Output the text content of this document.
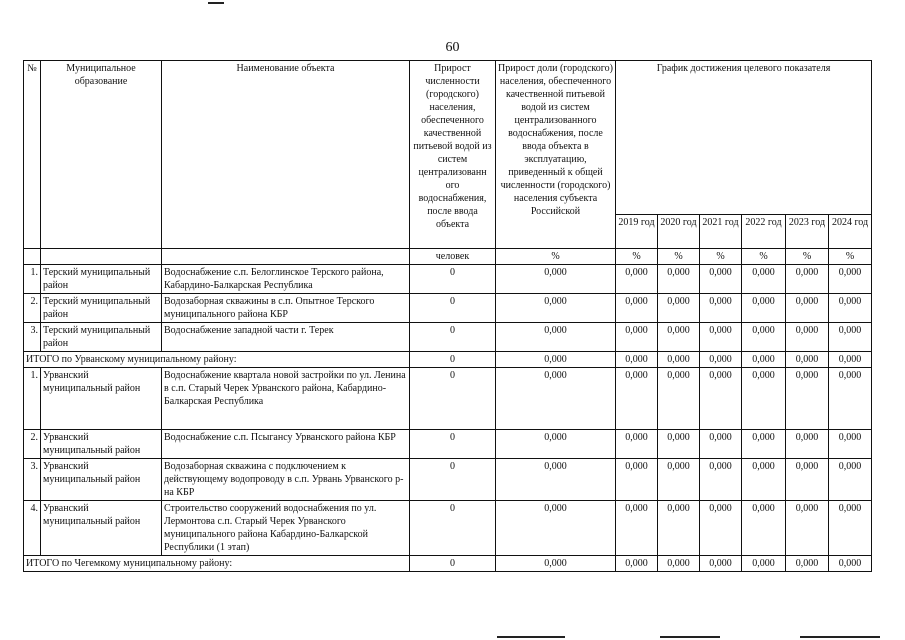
60
№	Муниципальное образование	Наименование объекта	Прирост численности (городского) населения, обеспеченного качественной питьевой водой из систем централизованн ого водоснабжения, после ввода объекта	Прирост доли (городского) населения, обеспеченного качественной питьевой водой из систем централизованного водоснабжения, после ввода объекта в эксплуатацию, приведенный к общей численности (городского) населения субъекта Российской	График достижения целевого показателя					
					2019 год	2020 год	2021 год	2022 год	2023 год	2024 год
			человек	%	%	%	%	%	%	%
1.	Терский муниципальный район	Водоснабжение с.п. Белоглинское Терского района, Кабардино-Балкарская Республика	0	0,000	0,000	0,000	0,000	0,000	0,000	0,000
2.	Терский муниципальный район	Водозаборная скважины в с.п. Опытное Терского муниципального района КБР	0	0,000	0,000	0,000	0,000	0,000	0,000	0,000
3.	Терский муниципальный район	Водоснабжение западной части г. Терек	0	0,000	0,000	0,000	0,000	0,000	0,000	0,000
ИТОГО по Урванскому муниципальному району:			0	0,000	0,000	0,000	0,000	0,000	0,000	0,000
1.	Урванский муниципальный район	Водоснабжение квартала новой застройки по ул. Ленина в с.п. Старый Черек Урванского района, Кабардино-Балкарская Республика	0	0,000	0,000	0,000	0,000	0,000	0,000	0,000
2.	Урванский муниципальный район	Водоснабжение с.п. Псыгансу Урванского района КБР	0	0,000	0,000	0,000	0,000	0,000	0,000	0,000
3.	Урванский муниципальный район	Водозаборная скважина с подключением к действующему водопроводу в с.п. Урвань Урванского р-на КБР	0	0,000	0,000	0,000	0,000	0,000	0,000	0,000
4.	Урванский муниципальный район	Строительство сооружений водоснабжения по ул. Лермонтова с.п. Старый Черек Урванского муниципального района Кабардино-Балкарской Республики (1 этап)	0	0,000	0,000	0,000	0,000	0,000	0,000	0,000
ИТОГО по Чегемкому муниципальному району:			0	0,000	0,000	0,000	0,000	0,000	0,000	0,000
